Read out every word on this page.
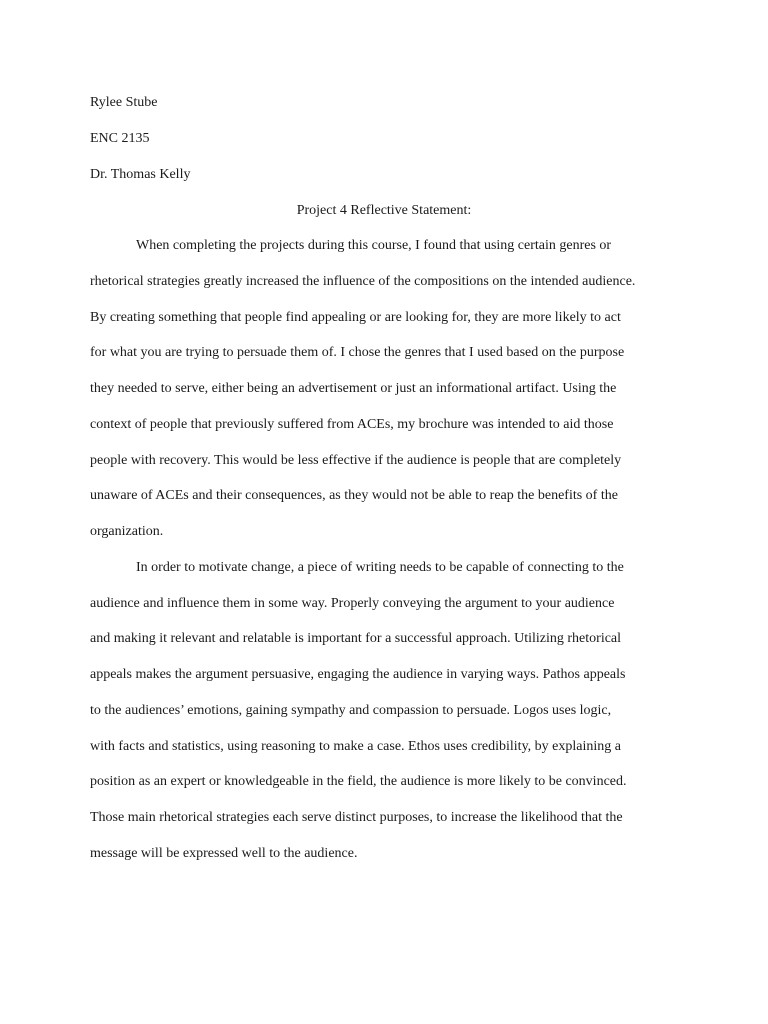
Rylee Stube
ENC 2135
Dr. Thomas Kelly
Project 4 Reflective Statement:
When completing the projects during this course, I found that using certain genres or
rhetorical strategies greatly increased the influence of the compositions on the intended audience.
By creating something that people find appealing or are looking for, they are more likely to act
for what you are trying to persuade them of. I chose the genres that I used based on the purpose
they needed to serve, either being an advertisement or just an informational artifact. Using the
context of people that previously suffered from ACEs, my brochure was intended to aid those
people with recovery. This would be less effective if the audience is people that are completely
unaware of ACEs and their consequences, as they would not be able to reap the benefits of the
organization.
In order to motivate change, a piece of writing needs to be capable of connecting to the
audience and influence them in some way. Properly conveying the argument to your audience
and making it relevant and relatable is important for a successful approach. Utilizing rhetorical
appeals makes the argument persuasive, engaging the audience in varying ways. Pathos appeals
to the audiences’ emotions, gaining sympathy and compassion to persuade. Logos uses logic,
with facts and statistics, using reasoning to make a case. Ethos uses credibility, by explaining a
position as an expert or knowledgeable in the field, the audience is more likely to be convinced.
Those main rhetorical strategies each serve distinct purposes, to increase the likelihood that the
message will be expressed well to the audience.
